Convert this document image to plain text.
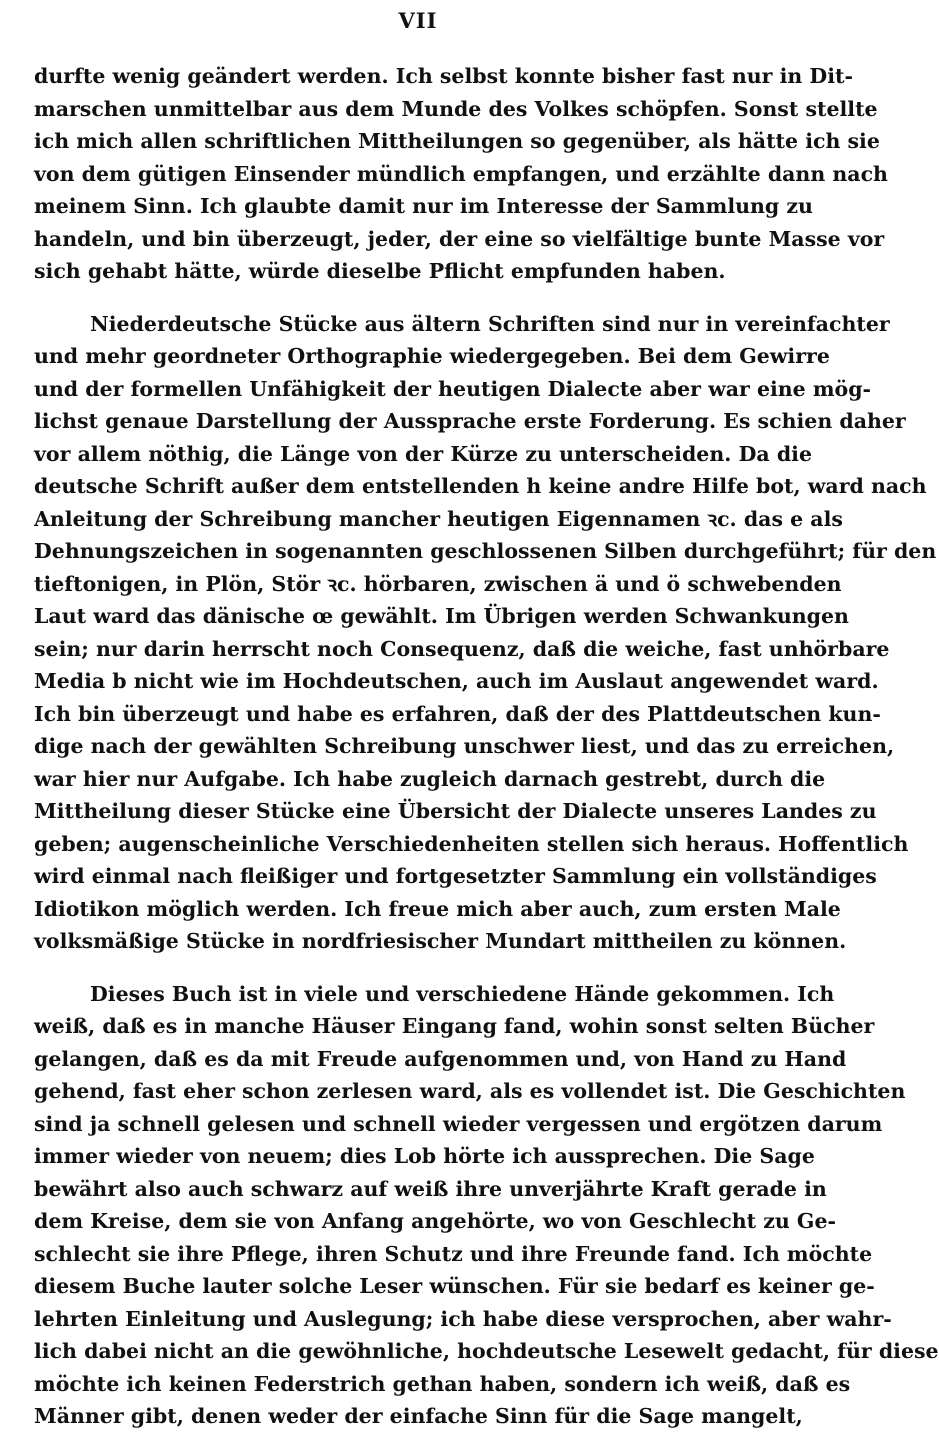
VII
durfte wenig geändert werden. Ich selbst konnte bisher fast nur in Dit-
marschen unmittelbar aus dem Munde des Volkes schöpfen. Sonst stellte
ich mich allen schriftlichen Mittheilungen so gegenüber, als hätte ich sie
von dem gütigen Einsender mündlich empfangen, und erzählte dann nach
meinem Sinn. Ich glaubte damit nur im Interesse der Sammlung zu
handeln, und bin überzeugt, jeder, der eine so vielfältige bunte Masse vor
sich gehabt hätte, würde dieselbe Pflicht empfunden haben.
Niederdeutsche Stücke aus ältern Schriften sind nur in vereinfachter
und mehr geordneter Orthographie wiedergegeben. Bei dem Gewirre
und der formellen Unfähigkeit der heutigen Dialecte aber war eine mög-
lichst genaue Darstellung der Aussprache erste Forderung. Es schien daher
vor allem nöthig, die Länge von der Kürze zu unterscheiden. Da die
deutsche Schrift außer dem entstellenden h keine andre Hilfe bot, ward nach
Anleitung der Schreibung mancher heutigen Eigennamen ꝛc. das e als
Dehnungszeichen in sogenannten geschlossenen Silben durchgeführt; für den
tieftonigen, in Plön, Stör ꝛc. hörbaren, zwischen ä und ö schwebenden
Laut ward das dänische œ gewählt. Im Übrigen werden Schwankungen
sein; nur darin herrscht noch Consequenz, daß die weiche, fast unhörbare
Media b nicht wie im Hochdeutschen, auch im Auslaut angewendet ward.
Ich bin überzeugt und habe es erfahren, daß der des Plattdeutschen kun-
dige nach der gewählten Schreibung unschwer liest, und das zu erreichen,
war hier nur Aufgabe. Ich habe zugleich darnach gestrebt, durch die
Mittheilung dieser Stücke eine Übersicht der Dialecte unseres Landes zu
geben; augenscheinliche Verschiedenheiten stellen sich heraus. Hoffentlich
wird einmal nach fleißiger und fortgesetzter Sammlung ein vollständiges
Idiotikon möglich werden. Ich freue mich aber auch, zum ersten Male
volksmäßige Stücke in nordfriesischer Mundart mittheilen zu können.
Dieses Buch ist in viele und verschiedene Hände gekommen. Ich
weiß, daß es in manche Häuser Eingang fand, wohin sonst selten Bücher
gelangen, daß es da mit Freude aufgenommen und, von Hand zu Hand
gehend, fast eher schon zerlesen ward, als es vollendet ist. Die Geschichten
sind ja schnell gelesen und schnell wieder vergessen und ergötzen darum
immer wieder von neuem; dies Lob hörte ich aussprechen. Die Sage
bewährt also auch schwarz auf weiß ihre unverjährte Kraft gerade in
dem Kreise, dem sie von Anfang angehörte, wo von Geschlecht zu Ge-
schlecht sie ihre Pflege, ihren Schutz und ihre Freunde fand. Ich möchte
diesem Buche lauter solche Leser wünschen. Für sie bedarf es keiner ge-
lehrten Einleitung und Auslegung; ich habe diese versprochen, aber wahr-
lich dabei nicht an die gewöhnliche, hochdeutsche Lesewelt gedacht, für diese
möchte ich keinen Federstrich gethan haben, sondern ich weiß, daß es
Männer gibt, denen weder der einfache Sinn für die Sage mangelt,
